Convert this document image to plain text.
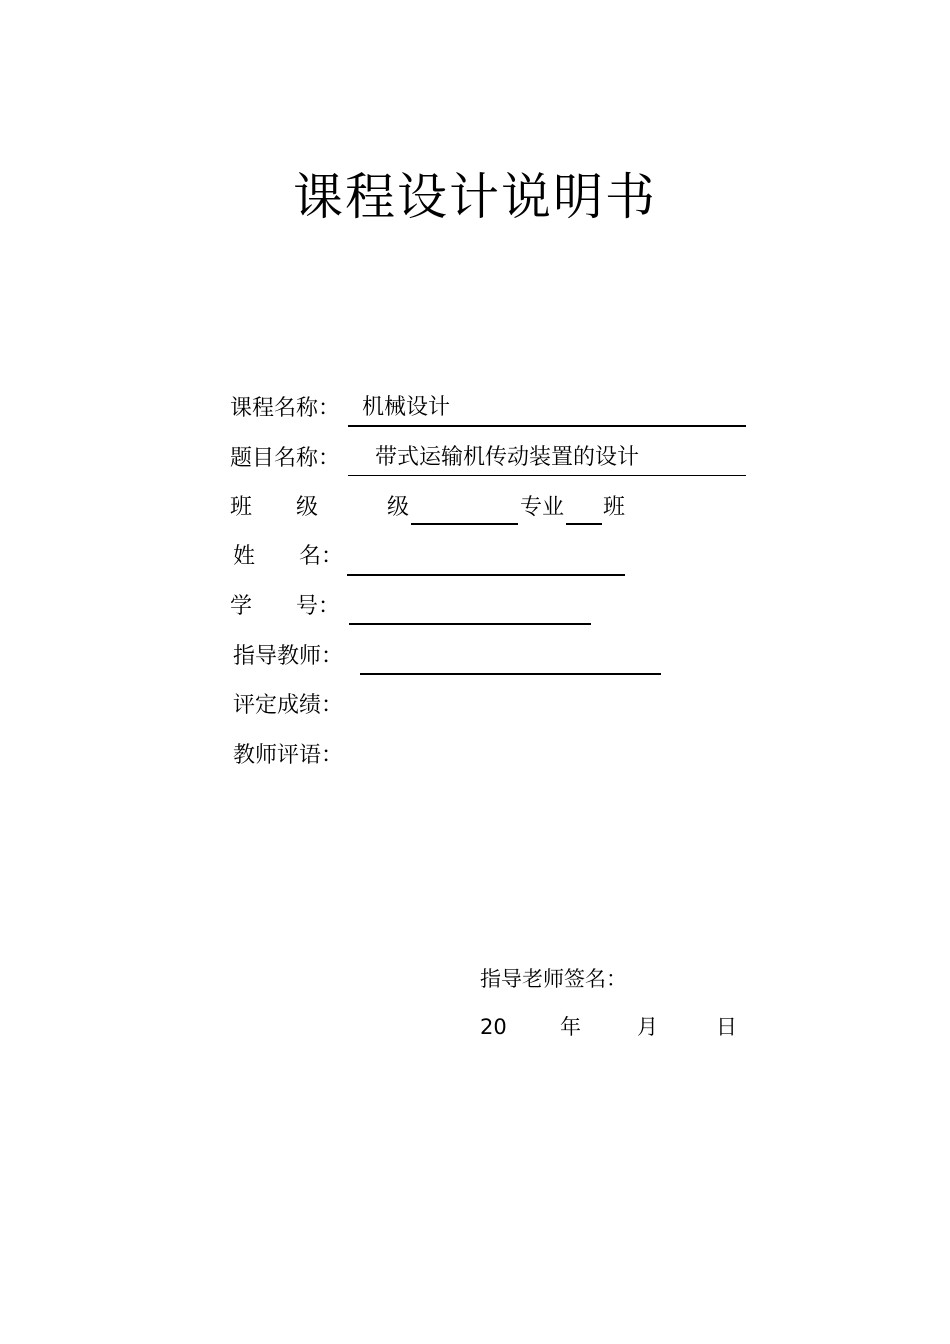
课程设计说明书
课程名称： 机械设计
题目名称： 带式运输机传动装置的设计
班　　级	级	专业 班
姓　　名：
学　　号：
指导教师：
评定成绩：
教师评语：
指导老师签名：
20	年	月	日
